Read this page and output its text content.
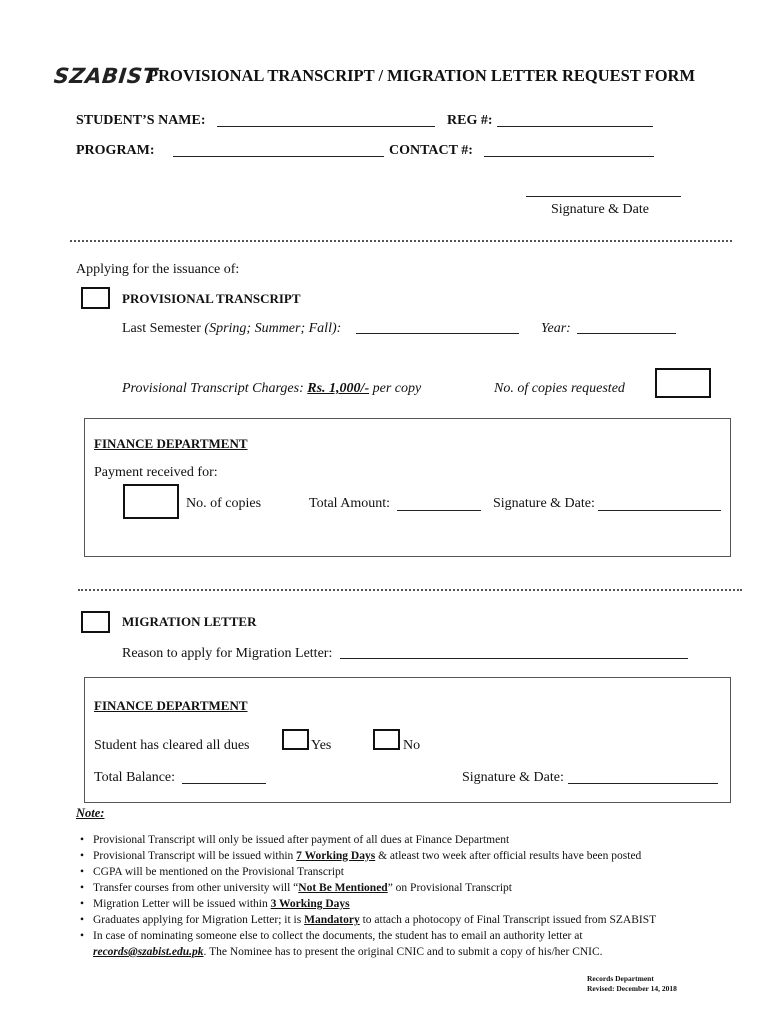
SZABIST
PROVISIONAL TRANSCRIPT / MIGRATION LETTER REQUEST FORM
STUDENT’S NAME:	REG #:
PROGRAM:	CONTACT #:
Signature & Date
Applying for the issuance of:
PROVISIONAL TRANSCRIPT
Last Semester (Spring; Summer; Fall):	Year:
Provisional Transcript Charges: Rs. 1,000/- per copy	No. of copies requested
FINANCE DEPARTMENT
Payment received for:
No. of copies	Total Amount:	Signature & Date:
MIGRATION LETTER
Reason to apply for Migration Letter:
FINANCE DEPARTMENT
Student has cleared all dues	Yes	No
Total Balance:	Signature & Date:
Note:
• Provisional Transcript will only be issued after payment of all dues at Finance Department
• Provisional Transcript will be issued within 7 Working Days & atleast two week after official results have been posted
• CGPA will be mentioned on the Provisional Transcript
• Transfer courses from other university will “Not Be Mentioned” on Provisional Transcript
• Migration Letter will be issued within 3 Working Days
• Graduates applying for Migration Letter; it is Mandatory to attach a photocopy of Final Transcript issued from SZABIST
• In case of nominating someone else to collect the documents, the student has to email an authority letter at
records@szabist.edu.pk. The Nominee has to present the original CNIC and to submit a copy of his/her CNIC.
Records Department
Revised: December 14, 2018
